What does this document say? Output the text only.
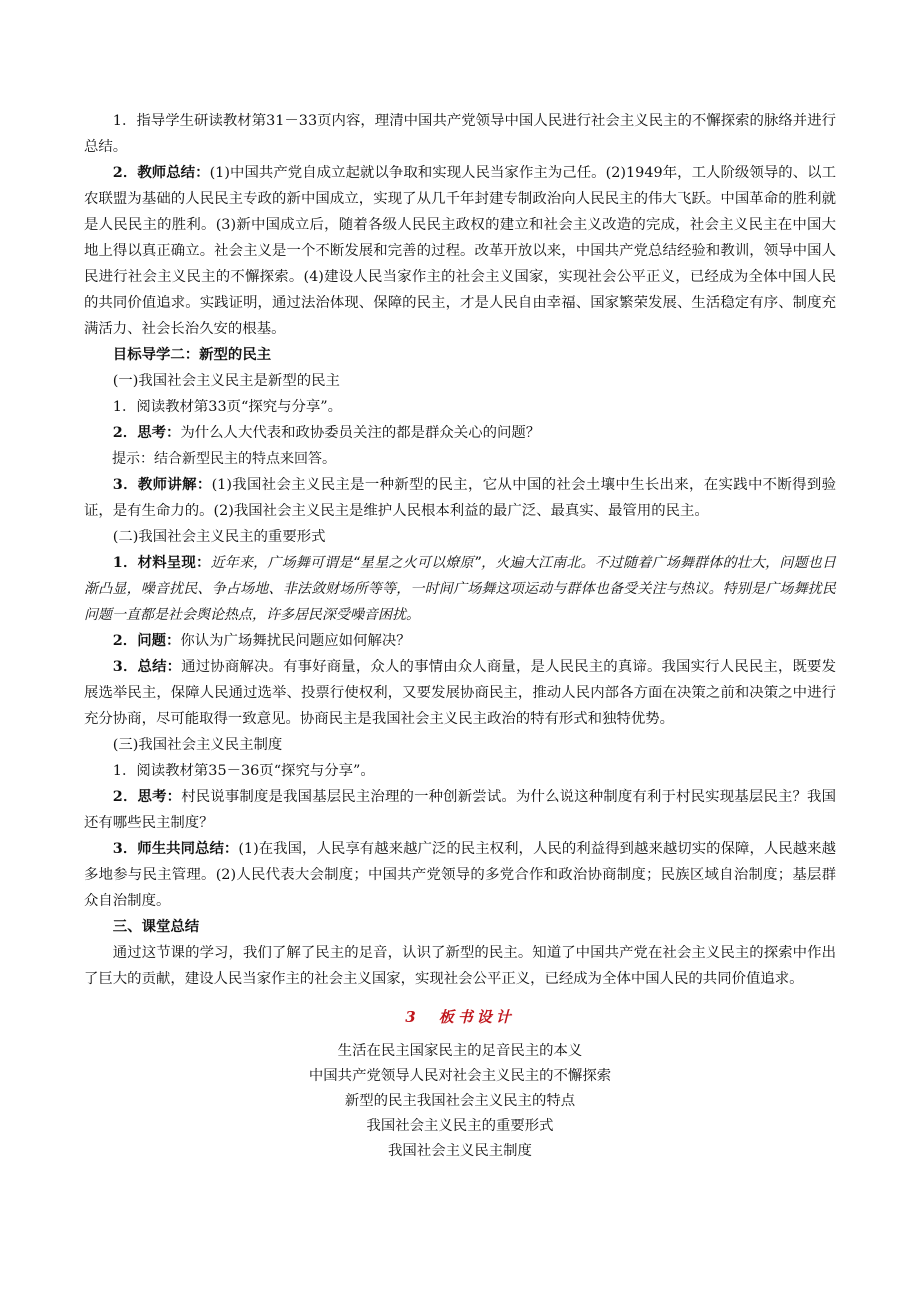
1．指导学生研读教材第31－33页内容，理清中国共产党领导中国人民进行社会主义民主的不懈探索的脉络并进行总结。

2．教师总结：(1)中国共产党自成立起就以争取和实现人民当家作主为己任。(2)1949年，工人阶级领导的、以工农联盟为基础的人民民主专政的新中国成立，实现了从几千年封建专制政治向人民民主的伟大飞跃。中国革命的胜利就是人民民主的胜利。(3)新中国成立后，随着各级人民民主政权的建立和社会主义改造的完成，社会主义民主在中国大地上得以真正确立。社会主义是一个不断发展和完善的过程。改革开放以来，中国共产党总结经验和教训，领导中国人民进行社会主义民主的不懈探索。(4)建设人民当家作主的社会主义国家，实现社会公平正义，已经成为全体中国人民的共同价值追求。实践证明，通过法治体现、保障的民主，才是人民自由幸福、国家繁荣发展、生活稳定有序、制度充满活力、社会长治久安的根基。

目标导学二：新型的民主

(一)我国社会主义民主是新型的民主

1．阅读教材第33页“探究与分享”。

2．思考：为什么人大代表和政协委员关注的都是群众关心的问题？

提示：结合新型民主的特点来回答。

3．教师讲解：(1)我国社会主义民主是一种新型的民主，它从中国的社会土壤中生长出来，在实践中不断得到验证，是有生命力的。(2)我国社会主义民主是维护人民根本利益的最广泛、最真实、最管用的民主。

(二)我国社会主义民主的重要形式

1．材料呈现：近年来，广场舞可谓是“星星之火可以燎原”，火遍大江南北。不过随着广场舞群体的壮大，问题也日渐凸显，噪音扰民、争占场地、非法敛财场所等等，一时间广场舞这项运动与群体也备受关注与热议。特别是广场舞扰民问题一直都是社会舆论热点，许多居民深受噪音困扰。

2．问题：你认为广场舞扰民问题应如何解决？

3．总结：通过协商解决。有事好商量，众人的事情由众人商量，是人民民主的真谛。我国实行人民民主，既要发展选举民主，保障人民通过选举、投票行使权利，又要发展协商民主，推动人民内部各方面在决策之前和决策之中进行充分协商，尽可能取得一致意见。协商民主是我国社会主义民主政治的特有形式和独特优势。

(三)我国社会主义民主制度

1．阅读教材第35－36页“探究与分享”。

2．思考：村民说事制度是我国基层民主治理的一种创新尝试。为什么说这种制度有利于村民实现基层民主？我国还有哪些民主制度？

3．师生共同总结：(1)在我国，人民享有越来越广泛的民主权利，人民的利益得到越来越切实的保障，人民越来越多地参与民主管理。(2)人民代表大会制度；中国共产党领导的多党合作和政治协商制度；民族区域自治制度；基层群众自治制度。

三、课堂总结

通过这节课的学习，我们了解了民主的足音，认识了新型的民主。知道了中国共产党在社会主义民主的探索中作出了巨大的贡献，建设人民当家作主的社会主义国家，实现社会公平正义，已经成为全体中国人民的共同价值追求。

3　板书设计

生活在民主国家民主的足音民主的本义

中国共产党领导人民对社会主义民主的不懈探索

新型的民主我国社会主义民主的特点

我国社会主义民主的重要形式

我国社会主义民主制度
